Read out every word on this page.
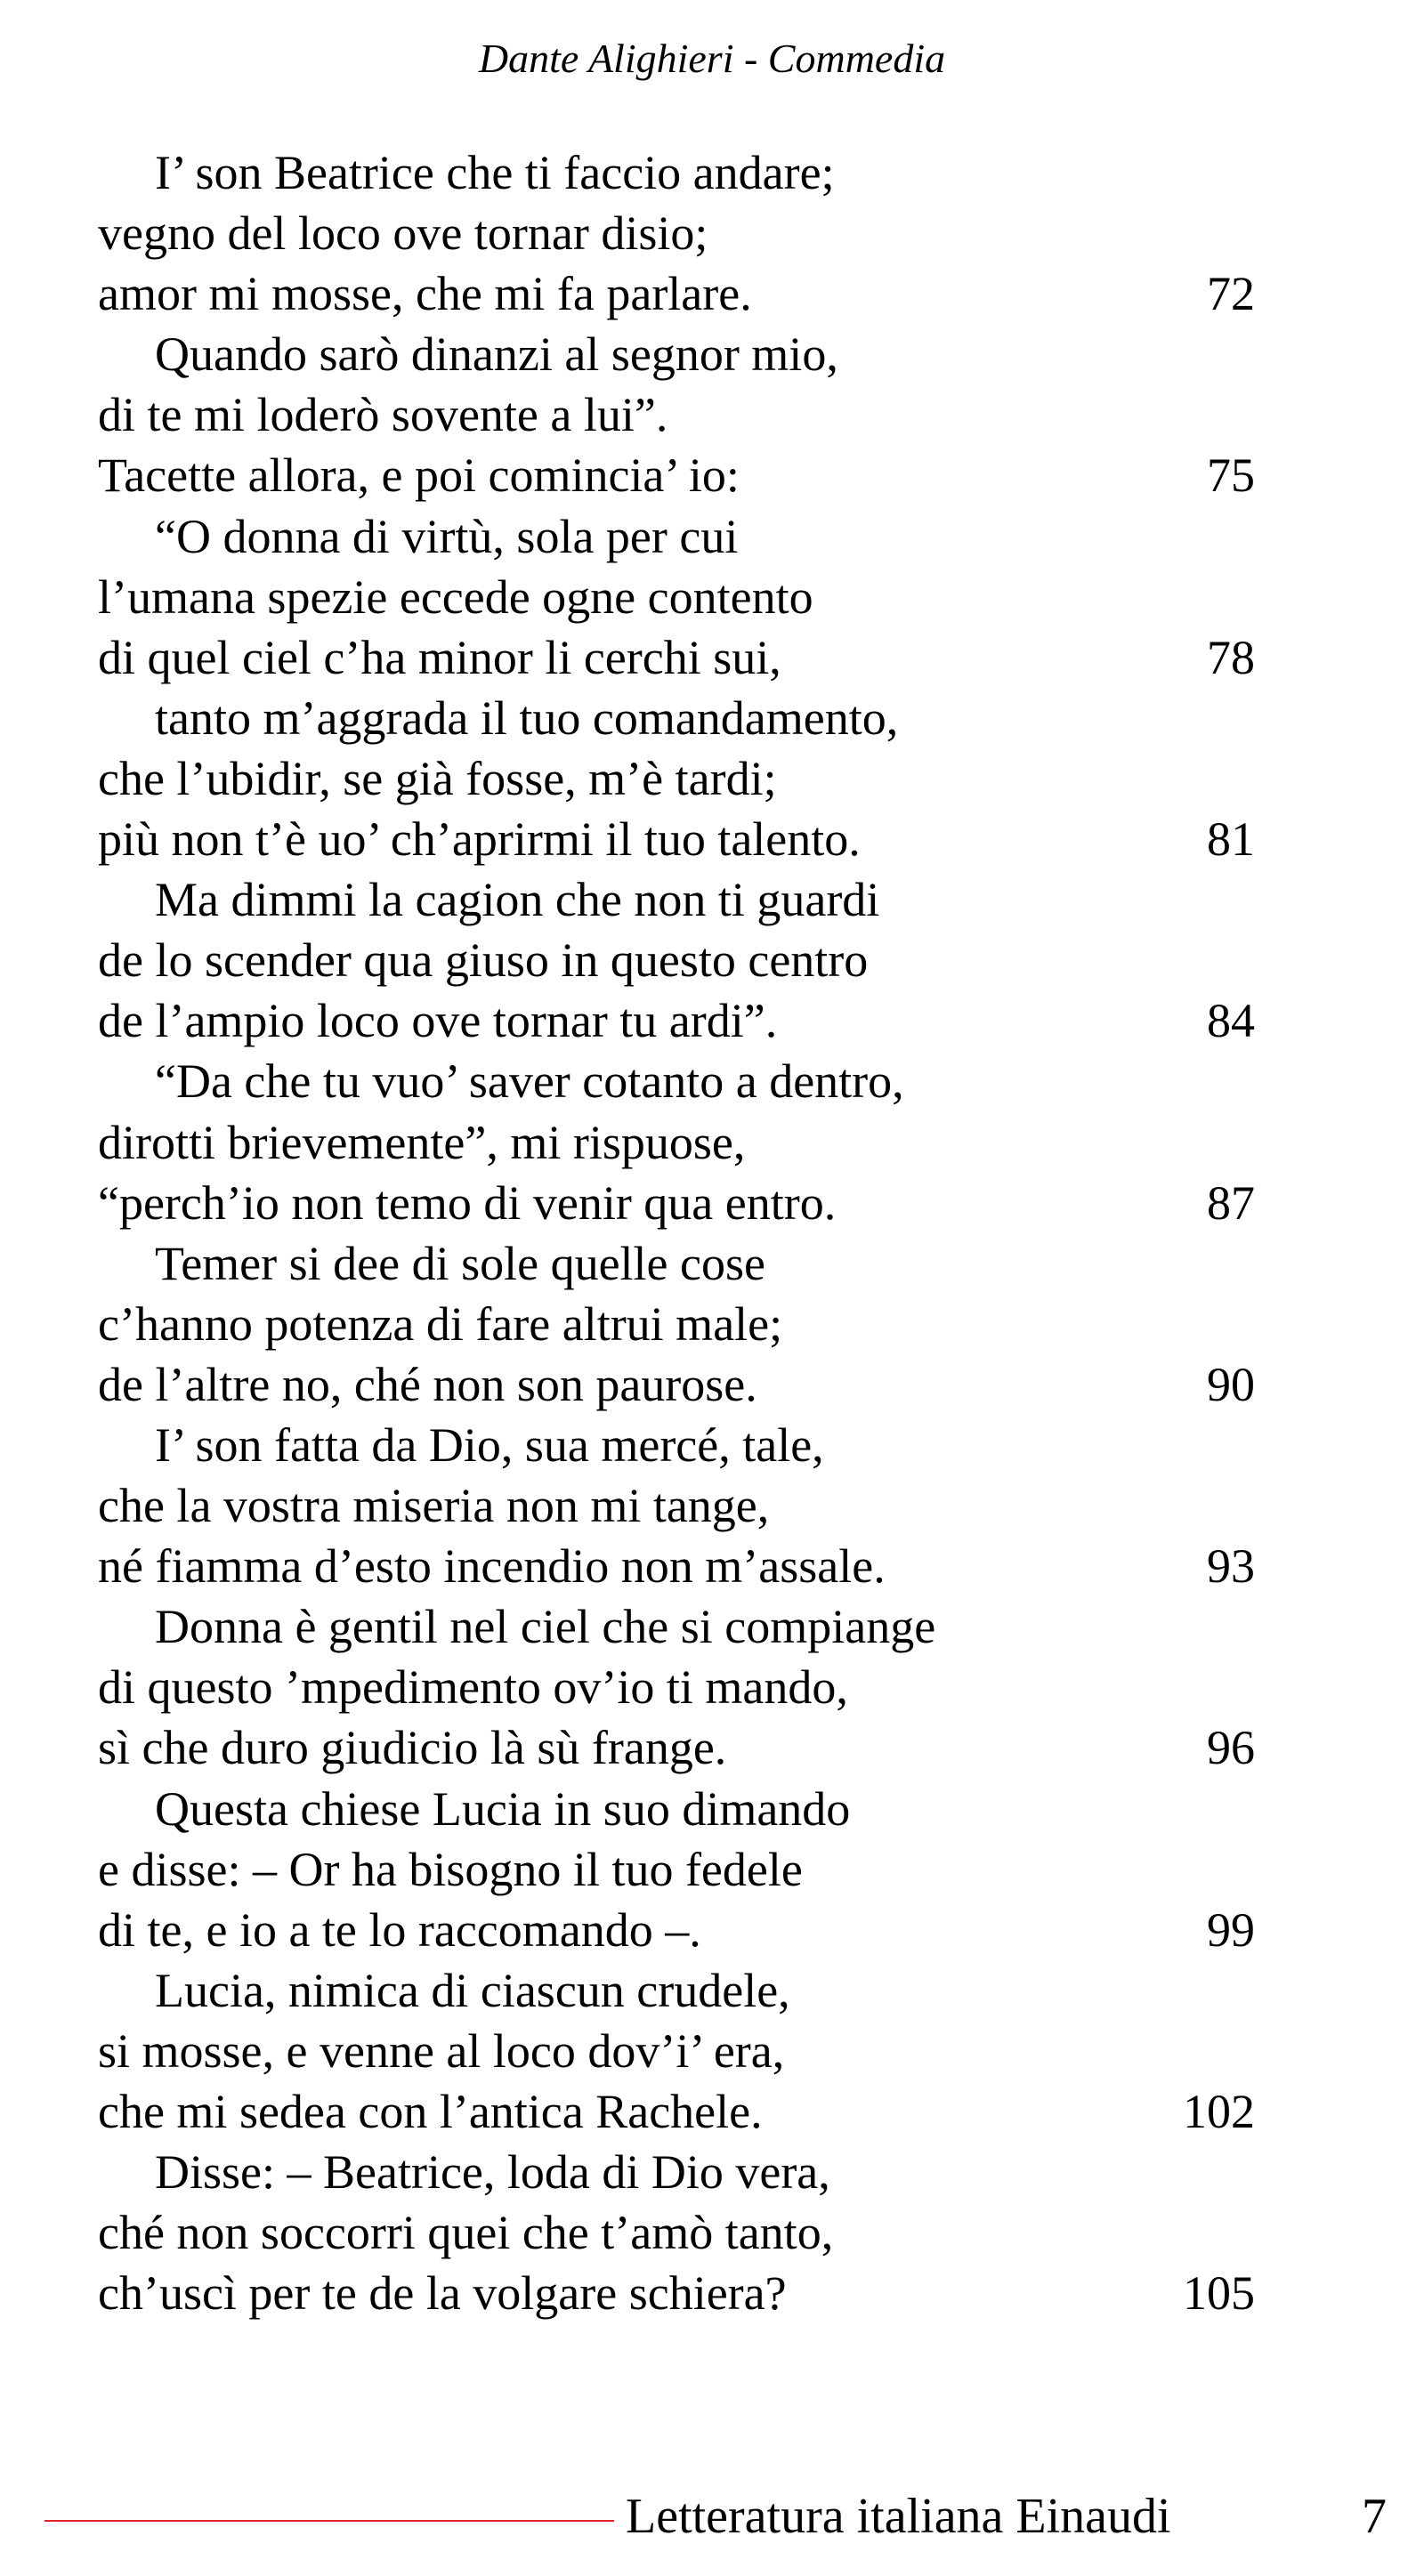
Dante Alighieri - Commedia
I’ son Beatrice che ti faccio andare;
vegno del loco ove tornar disio;
amor mi mosse, che mi fa parlare.	72
Quando sarò dinanzi al segnor mio,
di te mi loderò sovente a lui”.
Tacette allora, e poi comincia’ io:	75
“O donna di virtù, sola per cui
l’umana spezie eccede ogne contento
di quel ciel c’ha minor li cerchi sui,	78
tanto m’aggrada il tuo comandamento,
che l’ubidir, se già fosse, m’è tardi;
più non t’è uo’ ch’aprirmi il tuo talento.	81
Ma dimmi la cagion che non ti guardi
de lo scender qua giuso in questo centro
de l’ampio loco ove tornar tu ardi”.	84
“Da che tu vuo’ saver cotanto a dentro,
dirotti brievemente”, mi rispuose,
“perch’io non temo di venir qua entro.	87
Temer si dee di sole quelle cose
c’hanno potenza di fare altrui male;
de l’altre no, ché non son paurose.	90
I’ son fatta da Dio, sua mercé, tale,
che la vostra miseria non mi tange,
né fiamma d’esto incendio non m’assale.	93
Donna è gentil nel ciel che si compiange
di questo ’mpedimento ov’io ti mando,
sì che duro giudicio là sù frange.	96
Questa chiese Lucia in suo dimando
e disse: – Or ha bisogno il tuo fedele
di te, e io a te lo raccomando –.	99
Lucia, nimica di ciascun crudele,
si mosse, e venne al loco dov’i’ era,
che mi sedea con l’antica Rachele.	102
Disse: – Beatrice, loda di Dio vera,
ché non soccorri quei che t’amò tanto,
ch’uscì per te de la volgare schiera?	105
Letteratura italiana Einaudi	7
